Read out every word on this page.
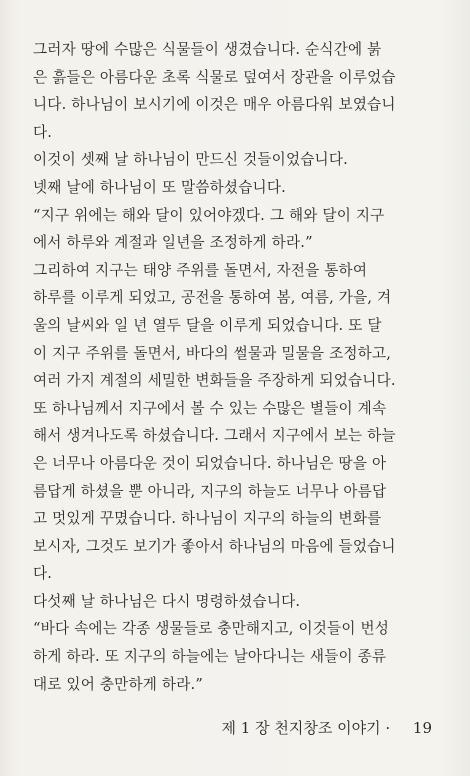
그러자 땅에 수많은 식물들이 생겼습니다. 순식간에 붉
은 흙들은 아름다운 초록 식물로 덮여서 장관을 이루었습
니다. 하나님이 보시기에 이것은 매우 아름다워 보였습니
다.
이것이 셋째 날 하나님이 만드신 것들이었습니다.
넷째 날에 하나님이 또 말씀하셨습니다.
“지구 위에는 해와 달이 있어야겠다. 그 해와 달이 지구
에서 하루와 계절과 일년을 조정하게 하라.”
그리하여 지구는 태양 주위를 돌면서, 자전을 통하여
하루를 이루게 되었고, 공전을 통하여 봄, 여름, 가을, 겨
울의 날씨와 일 년 열두 달을 이루게 되었습니다. 또 달
이 지구 주위를 돌면서, 바다의 썰물과 밀물을 조정하고,
여러 가지 계절의 세밀한 변화들을 주장하게 되었습니다.
또 하나님께서 지구에서 볼 수 있는 수많은 별들이 계속
해서 생겨나도록 하셨습니다. 그래서 지구에서 보는 하늘
은 너무나 아름다운 것이 되었습니다. 하나님은 땅을 아
름답게 하셨을 뿐 아니라, 지구의 하늘도 너무나 아름답
고 멋있게 꾸몄습니다. 하나님이 지구의 하늘의 변화를
보시자, 그것도 보기가 좋아서 하나님의 마음에 들었습니
다.
다섯째 날 하나님은 다시 명령하셨습니다.
“바다 속에는 각종 생물들로 충만해지고, 이것들이 번성
하게 하라. 또 지구의 하늘에는 날아다니는 새들이 종류
대로 있어 충만하게 하라.”
제 1 장 천지창조 이야기 · 19
